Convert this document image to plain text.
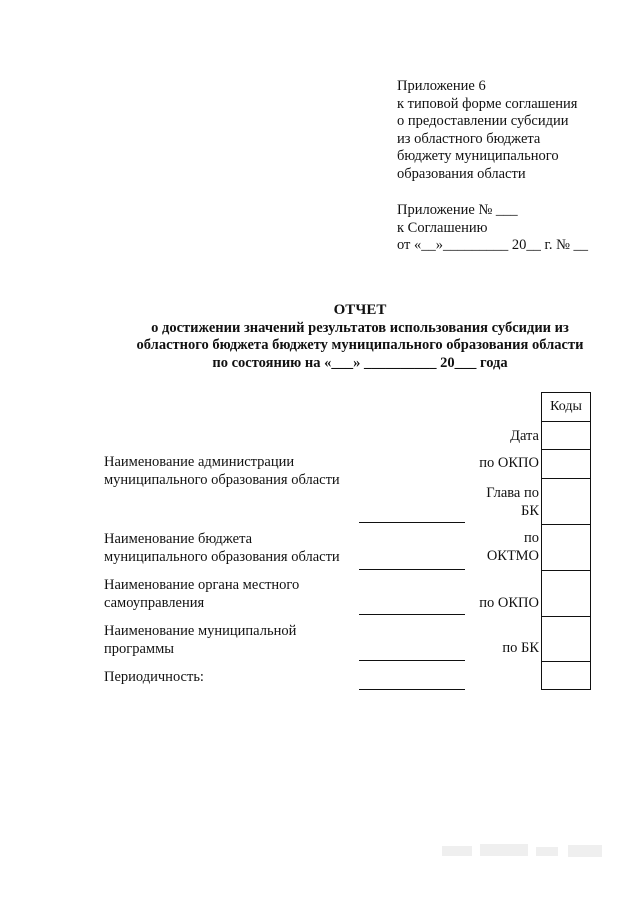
Приложение 6
к типовой форме соглашения
о предоставлении субсидии
из областного бюджета
бюджету муниципального
образования области
Приложение № ___
к Соглашению
от «__»_________ 20__ г. № __
ОТЧЕТ
о достижении значений результатов использования субсидии из
областного бюджета бюджету муниципального образования области
по состоянию на «___» __________ 20___ года
Коды
Дата
по ОКПО
Глава по
БК
по
ОКТМО
по ОКПО
по БК
Наименование администрации
муниципального образования области
Наименование бюджета
муниципального образования области
Наименование органа местного
самоуправления
Наименование муниципальной
программы
Периодичность:
